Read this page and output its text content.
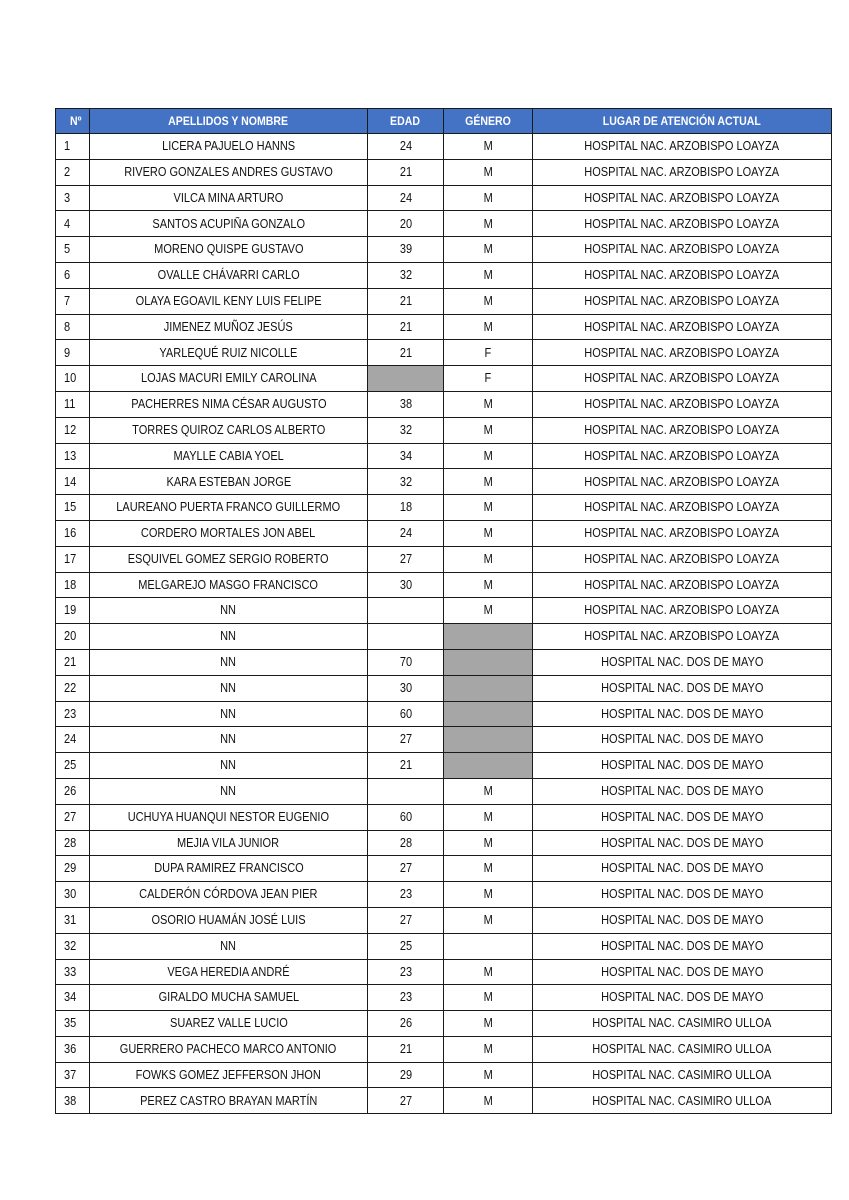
Nº	APELLIDOS Y NOMBRE	EDAD	GÉNERO	LUGAR DE ATENCIÓN ACTUAL
1	LICERA PAJUELO HANNS	24	M	HOSPITAL NAC. ARZOBISPO LOAYZA
2	RIVERO GONZALES ANDRES GUSTAVO	21	M	HOSPITAL NAC. ARZOBISPO LOAYZA
3	VILCA MINA ARTURO	24	M	HOSPITAL NAC. ARZOBISPO LOAYZA
4	SANTOS ACUPIÑA GONZALO	20	M	HOSPITAL NAC. ARZOBISPO LOAYZA
5	MORENO QUISPE GUSTAVO	39	M	HOSPITAL NAC. ARZOBISPO LOAYZA
6	OVALLE CHÁVARRI CARLO	32	M	HOSPITAL NAC. ARZOBISPO LOAYZA
7	OLAYA EGOAVIL KENY LUIS FELIPE	21	M	HOSPITAL NAC. ARZOBISPO LOAYZA
8	JIMENEZ MUÑOZ JESÚS	21	M	HOSPITAL NAC. ARZOBISPO LOAYZA
9	YARLEQUÉ RUIZ NICOLLE	21	F	HOSPITAL NAC. ARZOBISPO LOAYZA
10	LOJAS MACURI EMILY CAROLINA		F	HOSPITAL NAC. ARZOBISPO LOAYZA
11	PACHERRES NIMA CÉSAR AUGUSTO	38	M	HOSPITAL NAC. ARZOBISPO LOAYZA
12	TORRES QUIROZ CARLOS ALBERTO	32	M	HOSPITAL NAC. ARZOBISPO LOAYZA
13	MAYLLE CABIA YOEL	34	M	HOSPITAL NAC. ARZOBISPO LOAYZA
14	KARA ESTEBAN JORGE	32	M	HOSPITAL NAC. ARZOBISPO LOAYZA
15	LAUREANO PUERTA FRANCO GUILLERMO	18	M	HOSPITAL NAC. ARZOBISPO LOAYZA
16	CORDERO MORTALES JON ABEL	24	M	HOSPITAL NAC. ARZOBISPO LOAYZA
17	ESQUIVEL GOMEZ SERGIO ROBERTO	27	M	HOSPITAL NAC. ARZOBISPO LOAYZA
18	MELGAREJO MASGO FRANCISCO	30	M	HOSPITAL NAC. ARZOBISPO LOAYZA
19	NN		M	HOSPITAL NAC. ARZOBISPO LOAYZA
20	NN			HOSPITAL NAC. ARZOBISPO LOAYZA
21	NN	70		HOSPITAL NAC. DOS DE MAYO
22	NN	30		HOSPITAL NAC. DOS DE MAYO
23	NN	60		HOSPITAL NAC. DOS DE MAYO
24	NN	27		HOSPITAL NAC. DOS DE MAYO
25	NN	21		HOSPITAL NAC. DOS DE MAYO
26	NN		M	HOSPITAL NAC. DOS DE MAYO
27	UCHUYA HUANQUI NESTOR EUGENIO	60	M	HOSPITAL NAC. DOS DE MAYO
28	MEJIA VILA JUNIOR	28	M	HOSPITAL NAC. DOS DE MAYO
29	DUPA RAMIREZ FRANCISCO	27	M	HOSPITAL NAC. DOS DE MAYO
30	CALDERÓN CÓRDOVA JEAN PIER	23	M	HOSPITAL NAC. DOS DE MAYO
31	OSORIO HUAMÁN JOSÉ LUIS	27	M	HOSPITAL NAC. DOS DE MAYO
32	NN	25		HOSPITAL NAC. DOS DE MAYO
33	VEGA HEREDIA ANDRÉ	23	M	HOSPITAL NAC. DOS DE MAYO
34	GIRALDO MUCHA SAMUEL	23	M	HOSPITAL NAC. DOS DE MAYO
35	SUAREZ VALLE LUCIO	26	M	HOSPITAL NAC. CASIMIRO ULLOA
36	GUERRERO PACHECO MARCO ANTONIO	21	M	HOSPITAL NAC. CASIMIRO ULLOA
37	FOWKS GOMEZ JEFFERSON JHON	29	M	HOSPITAL NAC. CASIMIRO ULLOA
38	PEREZ CASTRO BRAYAN MARTÍN	27	M	HOSPITAL NAC. CASIMIRO ULLOA
